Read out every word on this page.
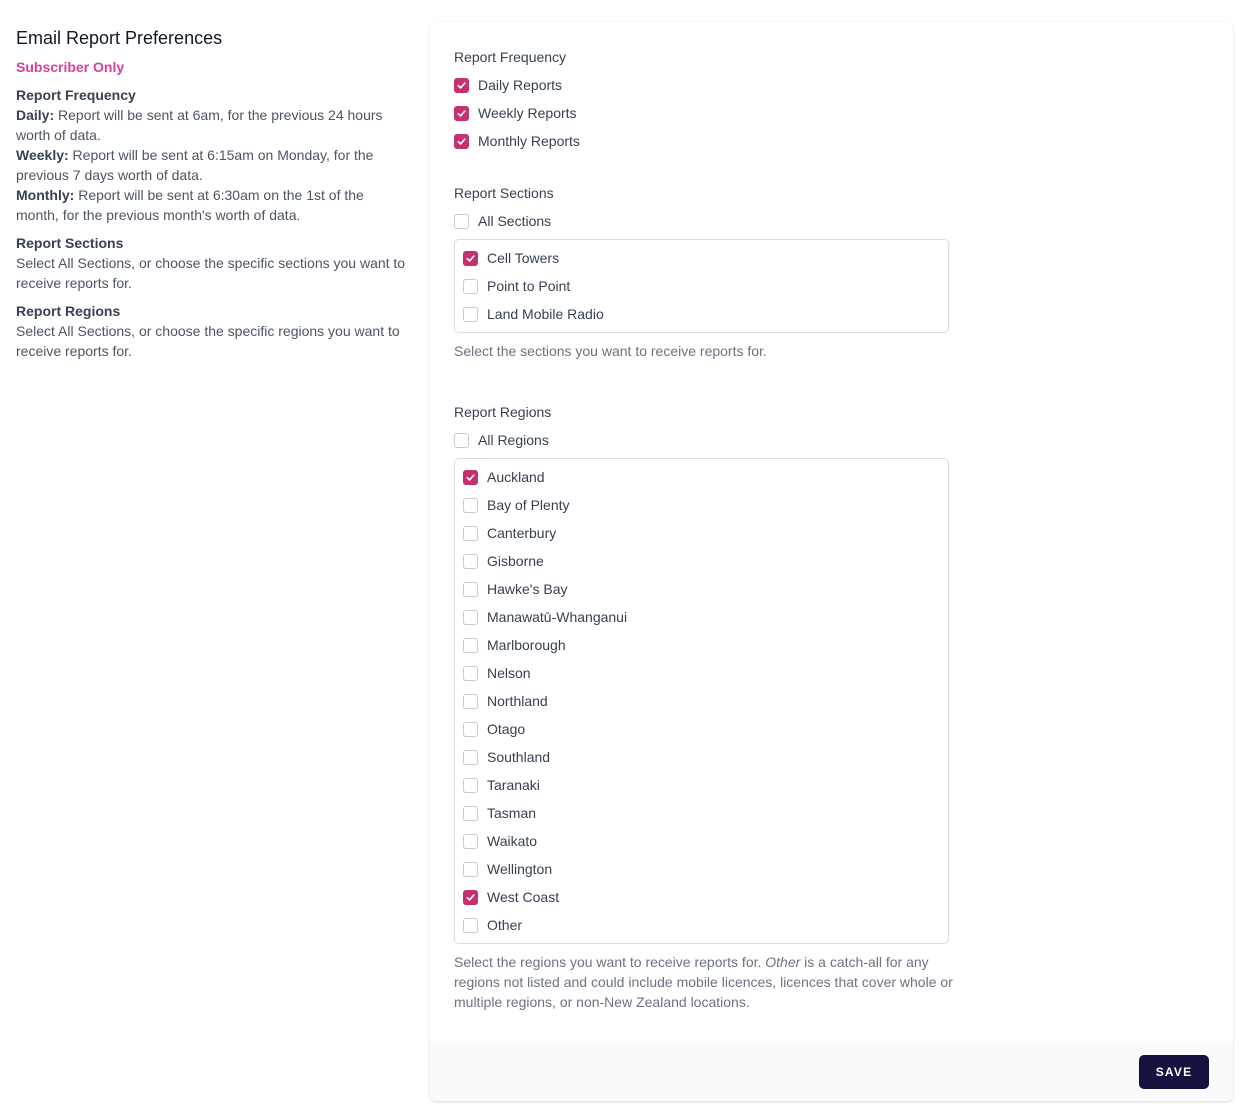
Email Report Preferences
Subscriber Only
Report Frequency

Daily: Report will be sent at 6am, for the previous 24 hours worth of data.

Weekly: Report will be sent at 6:15am on Monday, for the previous 7 days worth of data.

Monthly: Report will be sent at 6:30am on the 1st of the month, for the previous month's worth of data.

Report Sections

Select All Sections, or choose the specific sections you want to receive reports for.

Report Regions

Select All Sections, or choose the specific regions you want to receive reports for.

Report Frequency
Daily Reports
Weekly Reports
Monthly Reports
Report Sections
All Sections
Cell Towers
Point to Point
Land Mobile Radio
Select the sections you want to receive reports for.
Report Regions
All Regions
Auckland
Bay of Plenty
Canterbury
Gisborne
Hawke's Bay
Manawatū-Whanganui
Marlborough
Nelson
Northland
Otago
Southland
Taranaki
Tasman
Waikato
Wellington
West Coast
Other
Select the regions you want to receive reports for. Other is a catch-all for any regions not listed and could include mobile licences, licences that cover whole or multiple regions, or non-New Zealand locations.
SAVE
